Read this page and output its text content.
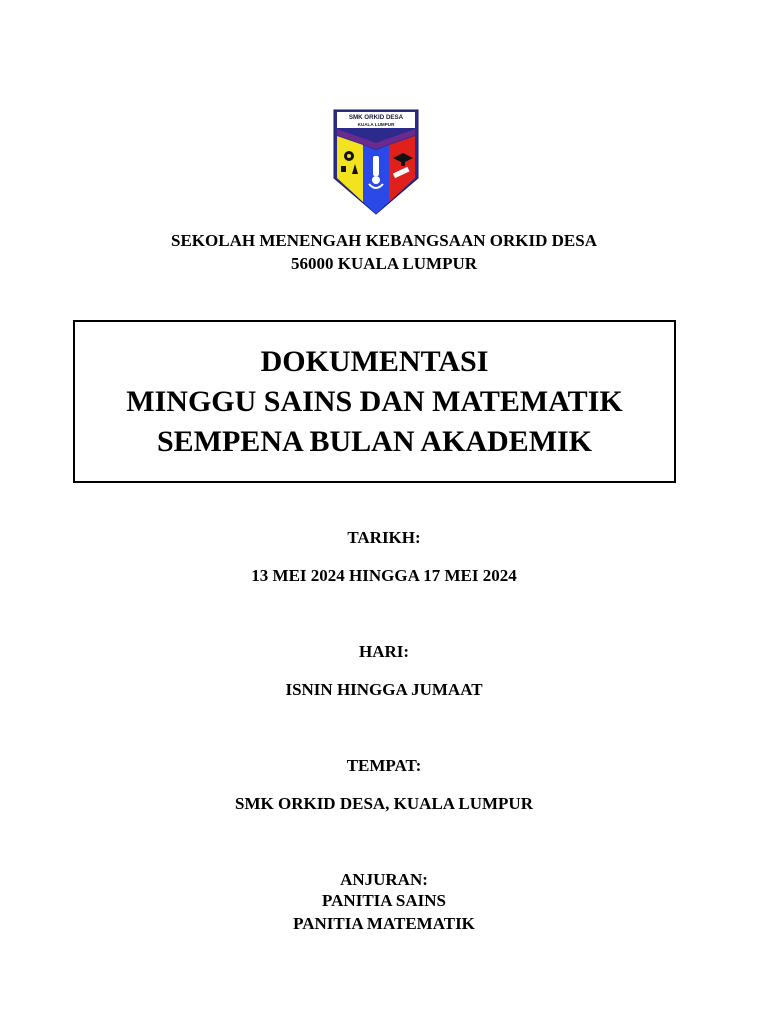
SMK ORKID DESA
KUALA LUMPUR
SEKOLAH MENENGAH KEBANGSAAN ORKID DESA
56000 KUALA LUMPUR
DOKUMENTASI
MINGGU SAINS DAN MATEMATIK
SEMPENA BULAN AKADEMIK
TARIKH:
13 MEI 2024 HINGGA 17 MEI 2024
HARI:
ISNIN HINGGA JUMAAT
TEMPAT:
SMK ORKID DESA, KUALA LUMPUR
ANJURAN:
PANITIA SAINS
PANITIA MATEMATIK
